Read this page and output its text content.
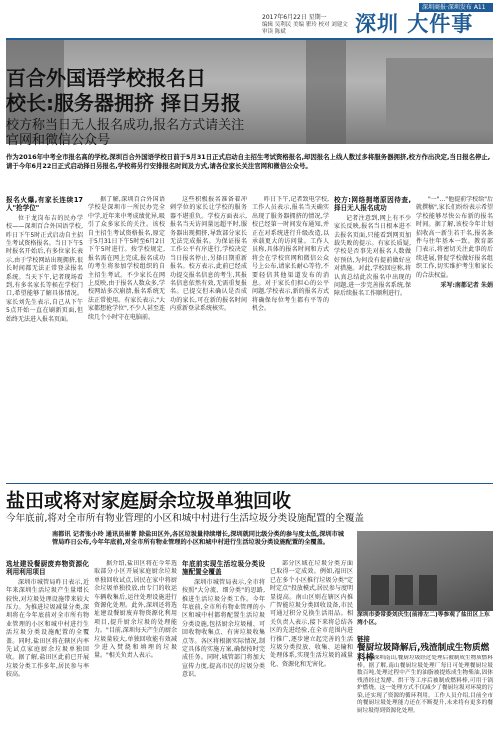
深圳商报·深圳发布 A11
2017年6月22日 星期一
编辑 吴利民 美编 瞿玲 校对 刘建文 审读 陈斌	深圳 大件事
百合外国语学校报名日
校长:服务器拥挤 择日另报
校方称当日无人报名成功,报名方式请关注
官网和微信公众号
作为2016年中考全市报名高的学校,深圳百合外国语学校日前于5月31日正式启动自主招生考试资格报名,却因报名上线人数过多将服务器拥挤,校方作出决定,当日报名停止,请于今年6月22日正式启动择日另报名,学校将另行安排报名时间及方式,请各位家长关注官网和微信公众号。
报名火爆,有家长连续17人"抢学位"
位于龙岗布吉的民办学校——深圳百合外国语学校,昨日下午5时正式启动自主招生考试资格报名。当日下午5时报名开始后,有多位家长表示,由于学校网站出现拥挤,很长时间都无法正常登录报名系统。当天下午,记者现场看到,有多名家长等候在学校门口,希望能够了解具体情况。家长刘先生表示,自己从下午5点开始一直在刷新页面,但始终无法进入报名页面。
据了解,深圳百合外国语学校是深圳市一所民办完全中学,近年来中考成绩优异,吸引了众多家长的关注。该校自主招生考试资格报名,原定于5月31日下午5时至6月2日下午5时进行。按学校规定,报名需在网上完成,报名成功的考生将参加学校组织的自主招生考试。不少家长在网上反映,由于报名人数众多,学校网站多次崩溃,报名系统无法正常使用。有家长表示,"大家都想抢学位",不少人甚至连续几个小时守在电脑前。
这些积极报名准备着冲刺学位的家长让学校的服务器不堪重负。学校方面表示,报名当天访问量远超平时,服务器出现拥挤,导致部分家长无法完成报名。为保证报名工作公平有序进行,学校决定当日报名停止,另择日期重新报名。校方表示,此前已经成功提交报名信息的考生,其报名信息依然有效,无需重复报名。已提交但未确认是否成功的家长,可在新的报名时间内重新登录系统核实。
昨日下午,记者致电学校,工作人员表示,报名当天确实出现了服务器拥挤的情况,学校已经第一时间发布通知,并正在对系统进行升级改造,以承载更大的访问量。工作人员称,具体的报名时间和方式将会在学校官网和微信公众号上公布,请家长耐心等待,不要轻信其他渠道发布的消息。对于家长们担心的公平问题,学校表示,新的报名方式将确保每位考生都有平等的机会。
校方:网络拥堵原因待查,择日无人报名成功
记者注意到,网上有不少家长反映,报名当日根本进不去报名页面,只能看到网页加载失败的提示。有家长质疑,学校是否事先对报名人数做好预估,为何没有提前做好应对措施。对此,学校回应称,将认真总结此次报名中出现的问题,进一步完善报名系统,保障后续报名工作顺利进行。
"一"..."他提前学校给"后就撰稿",家长们纷纷表示希望学校能够尽快公布新的报名时间。据了解,该校今年计划招收高一新生若干名,报名条件与往年基本一致。教育部门表示,将密切关注此事的后续进展,督促学校做好报名组织工作,切实维护考生和家长的合法权益。
采写:南都记者 朱娟
盐田或将对家庭厨余垃圾单独回收
今年底前,将对全市所有物业管理的小区和城中村进行生活垃圾分类设施配置的全覆盖
南都讯 记者张小玲 通讯员崔菁 除盐田区外,各区垃圾量持续增长,深圳就同比级分类的参与度太低,深圳市城管局昨日公布,今年年底前,对全市所有物业管理的小区和城中村进行生活垃圾分类设施配置的全覆盖。
选址建设餐厨废弃物资源化利用利用项目
深圳市城管局昨日表示,近年来深圳生活垃圾产生量增长较快,对垃圾处理设施带来较大压力。为推进垃圾减量分类,深圳将在今年底前对全市所有物业管理的小区和城中村进行生活垃圾分类设施配置的全覆盖。同时,盐田区将在辖区内率先试点家庭厨余垃圾单独回收。据了解,盐田区此前已开展垃圾分类工作多年,居民参与率较高。
据介绍,盐田区将在今年选取部分小区开展家庭厨余垃圾单独回收试点,居民在家中将厨余垃圾单独投放,由专门的收运车辆收集后,运往处理设施进行资源化处理。此外,深圳还将选址建设餐厨废弃物资源化利用项目,提升厨余垃圾的处理能力。"目前,深圳每天产生的厨余垃圾量较大,单独回收能有效减少进入焚烧和填埋的垃圾量。"相关负责人表示。
年底前实现生活垃圾分类设施配置全覆盖
深圳市城管局表示,全市将按照"大分流、细分类"的思路,推进生活垃圾分类工作。今年年底前,全市所有物业管理的小区和城中村都将配置生活垃圾分类设施,包括厨余垃圾桶、可回收物收集点、有害垃圾收集点等。各区将根据实际情况,制定具体的实施方案,确保按时完成任务。同时,城管部门将加大宣传力度,提高市民的垃圾分类意识。
部分区域在垃圾分类方面已取得一定成效。例如,福田区已在多个小区推行垃圾分类"定时定点"投放模式,居民参与度明显提高。南山区则在辖区内推广智能垃圾分类回收设备,市民可通过积分兑换生活用品。相关负责人表示,接下来将总结各区的先进经验,在全市范围内进行推广,逐步建立起完善的生活垃圾分类投放、收集、运输和处理体系,实现生活垃圾的减量化、资源化和无害化。
深圳市委常委刘庆生(前排左二)等参观了盐田区上东湾小区。
链接
餐厨垃圾降解后,残渣制成生物质燃料棒
在深圳南山,餐厨垃圾经过处理后被制成生物质燃料棒。据了解,南山餐厨垃圾处理厂每日可处理餐厨垃圾数百吨,处理过程中产生的油脂被提炼成生物柴油,固体残渣经过发酵、烘干等工序后被制成燃料棒,可用于锅炉燃烧。这一处理方式不仅减少了餐厨垃圾对环境的污染,还实现了资源的循环利用。工作人员介绍,目前全市的餐厨垃圾处理能力还在不断提升,未来将有更多的餐厨垃圾得到资源化处理。
